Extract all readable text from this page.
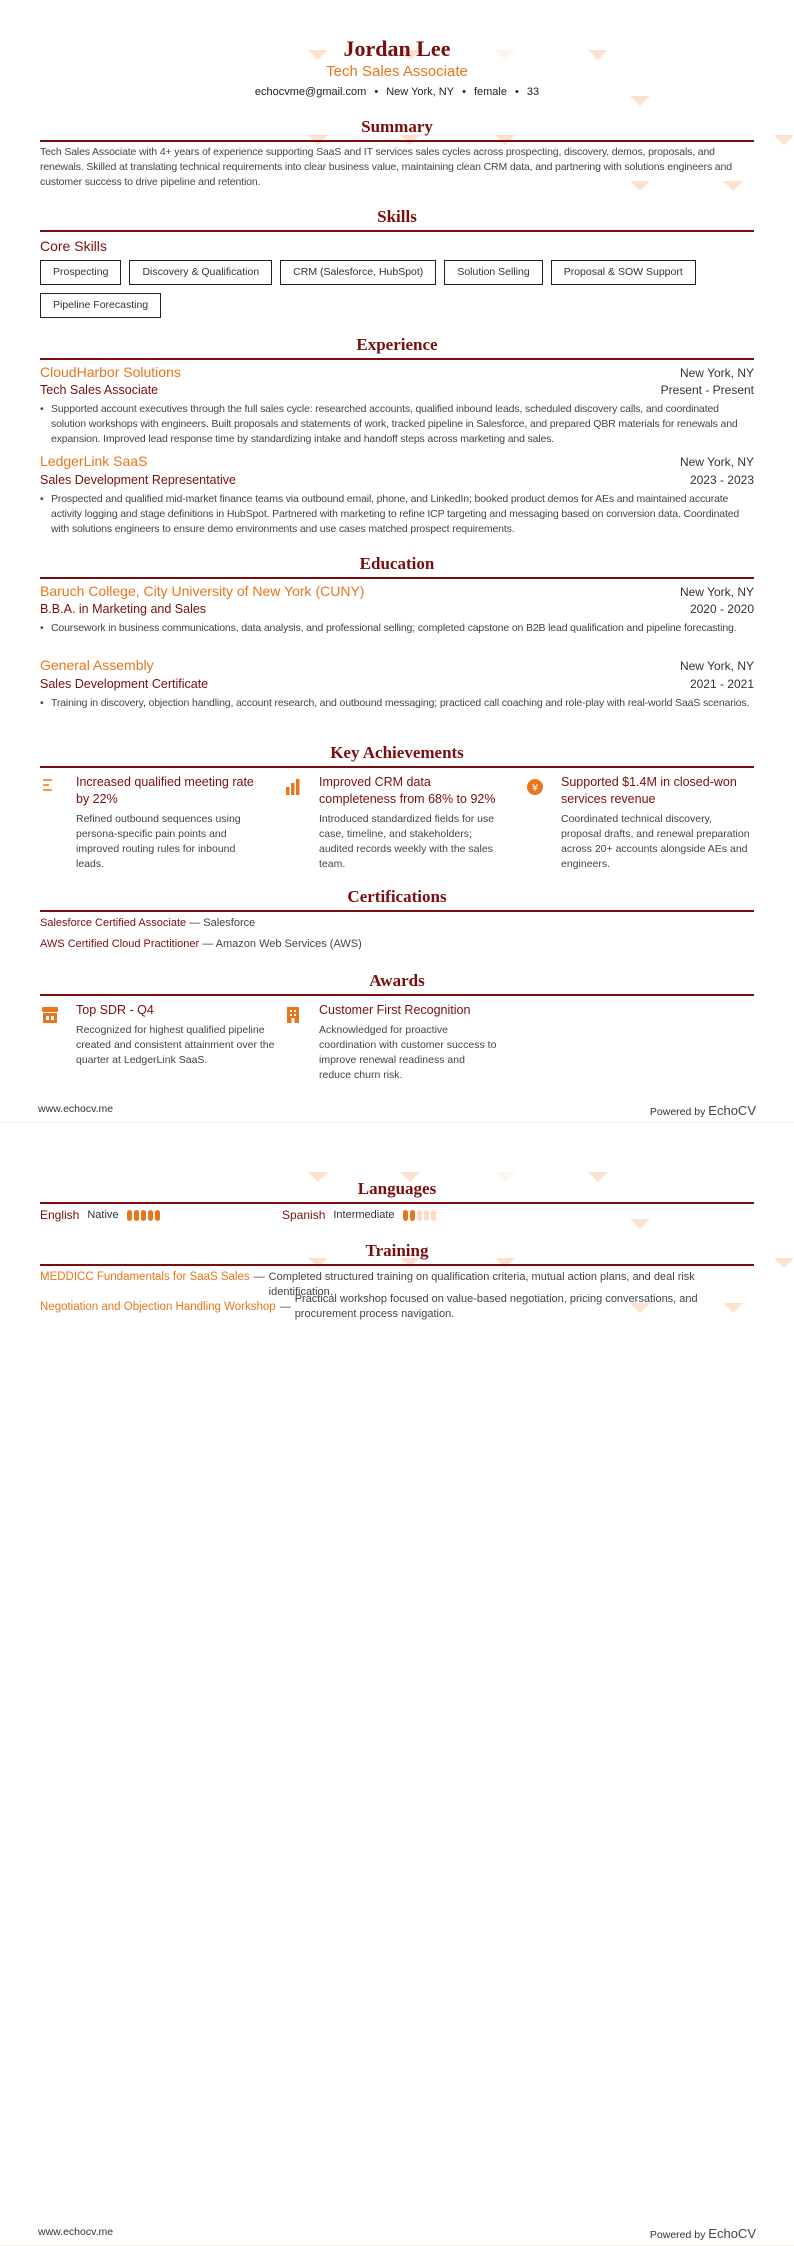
Jordan Lee
Tech Sales Associate
echocvme@gmail.com • New York, NY • female • 33
Summary
Tech Sales Associate with 4+ years of experience supporting SaaS and IT services sales cycles across prospecting, discovery, demos, proposals, and renewals. Skilled at translating technical requirements into clear business value, maintaining clean CRM data, and partnering with solutions engineers and customer success to drive pipeline and retention.
Skills
Core Skills
Prospecting	Discovery & Qualification	CRM (Salesforce, HubSpot)	Solution Selling	Proposal & SOW Support
Pipeline Forecasting
Experience
CloudHarbor Solutions	New York, NY
Tech Sales Associate	Present - Present
• Supported account executives through the full sales cycle: researched accounts, qualified inbound leads, scheduled discovery calls, and coordinated solution workshops with engineers. Built proposals and statements of work, tracked pipeline in Salesforce, and prepared QBR materials for renewals and expansion. Improved lead response time by standardizing intake and handoff steps across marketing and sales.
LedgerLink SaaS	New York, NY
Sales Development Representative	2023 - 2023
• Prospected and qualified mid-market finance teams via outbound email, phone, and LinkedIn; booked product demos for AEs and maintained accurate activity logging and stage definitions in HubSpot. Partnered with marketing to refine ICP targeting and messaging based on conversion data. Coordinated with solutions engineers to ensure demo environments and use cases matched prospect requirements.
Education
Baruch College, City University of New York (CUNY)	New York, NY
B.B.A. in Marketing and Sales	2020 - 2020
• Coursework in business communications, data analysis, and professional selling; completed capstone on B2B lead qualification and pipeline forecasting.
General Assembly	New York, NY
Sales Development Certificate	2021 - 2021
• Training in discovery, objection handling, account research, and outbound messaging; practiced call coaching and role-play with real-world SaaS scenarios.
Key Achievements
Increased qualified meeting rate by 22%
Refined outbound sequences using persona-specific pain points and improved routing rules for inbound leads.
Improved CRM data completeness from 68% to 92%
Introduced standardized fields for use case, timeline, and stakeholders; audited records weekly with the sales team.
¥ Supported $1.4M in closed-won services revenue
Coordinated technical discovery, proposal drafts, and renewal preparation across 20+ accounts alongside AEs and engineers.
Certifications
Salesforce Certified Associate — Salesforce
AWS Certified Cloud Practitioner — Amazon Web Services (AWS)
Awards
Top SDR - Q4
Recognized for highest qualified pipeline created and consistent attainment over the quarter at LedgerLink SaaS.
Customer First Recognition
Acknowledged for proactive coordination with customer success to improve renewal readiness and reduce churn risk.
www.echocv.me	Powered by EchoCV
Languages
English Native	Spanish Intermediate
Training
MEDDICC Fundamentals for SaaS Sales — Completed structured training on qualification criteria, mutual action plans, and deal risk identification.
Negotiation and Objection Handling Workshop —
Practical workshop focused on value-based negotiation, pricing conversations, and procurement process navigation.
www.echocv.me	Powered by EchoCV
